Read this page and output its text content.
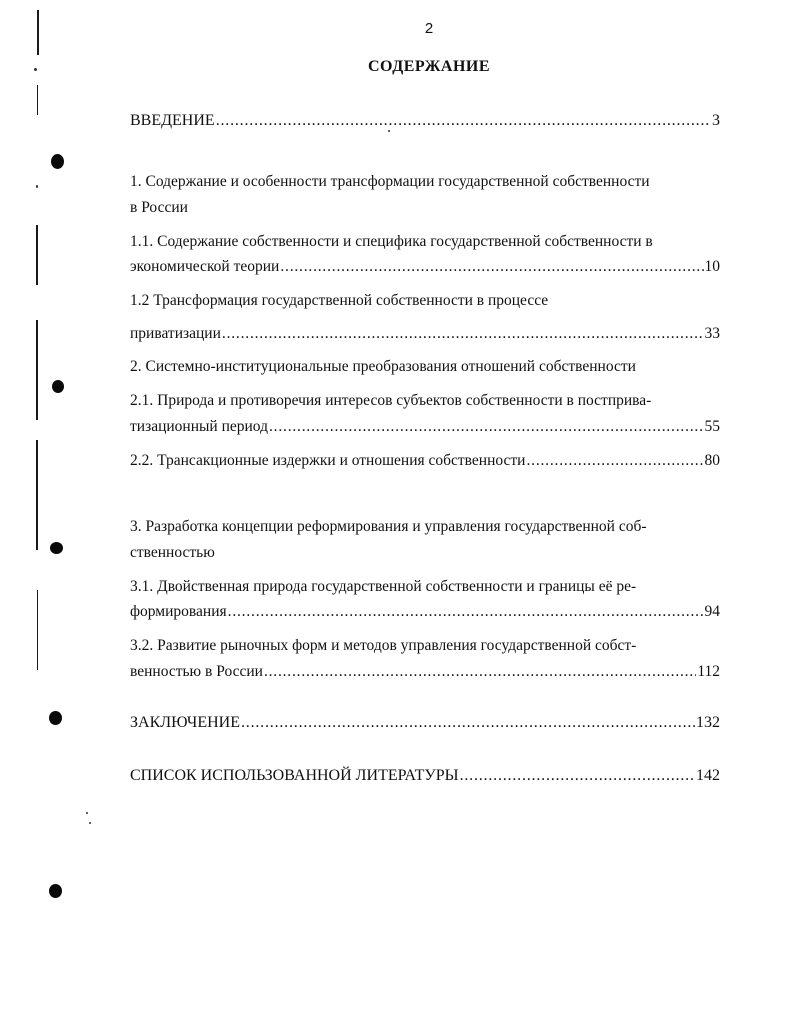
2
СОДЕРЖАНИЕ
ВВЕДЕНИЕ .....	3
1. Содержание и особенности трансформации государственной собственности
в России
1.1. Содержание собственности и специфика государственной собственности в
экономической теории .....	10
1.2 Трансформация государственной собственности в процессе
приватизации .....	33
2. Системно-институциональные преобразования отношений собственности
2.1. Природа и противоречия интересов субъектов собственности в постприва-
тизационный период .....	55
2.2. Трансакционные издержки и отношения собственности .....	80
3. Разработка концепции реформирования и управления государственной соб-
ственностью
3.1. Двойственная природа государственной собственности и границы её ре-
формирования .....	94
3.2. Развитие рыночных форм и методов управления государственной собст-
венностью в России .....	112
ЗАКЛЮЧЕНИЕ .....	132
СПИСОК ИСПОЛЬЗОВАННОЙ ЛИТЕРАТУРЫ .....	142
